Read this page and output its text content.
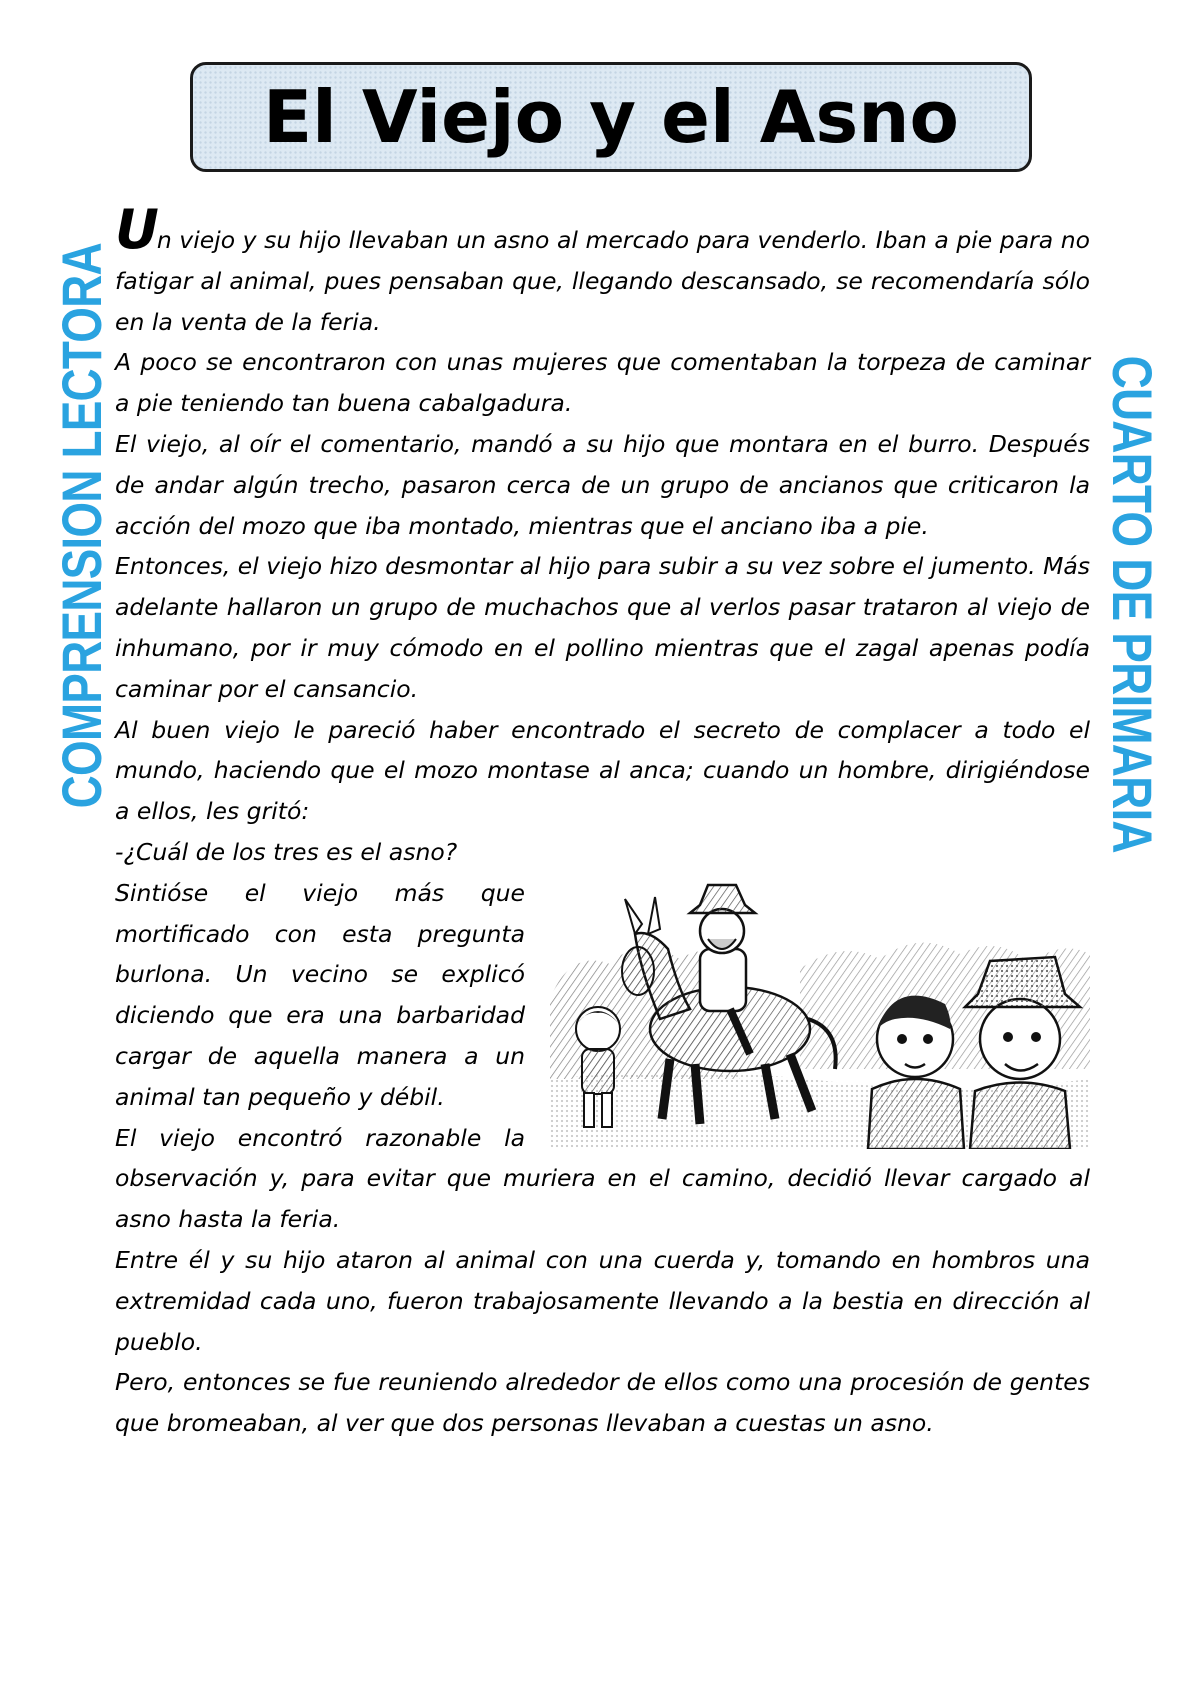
El Viejo y el Asno
COMPRENSION LECTORA	CUARTO DE PRIMARIA

Un viejo y su hijo llevaban un asno al mercado para venderlo. Iban a pie para no fatigar al animal, pues pensaban que, llegando descansado, se recomendaría sólo en la venta de la feria.

A poco se encontraron con unas mujeres que comentaban la torpeza de caminar a pie teniendo tan buena cabalgadura.

El viejo, al oír el comentario, mandó a su hijo que montara en el burro. Después de andar algún trecho, pasaron cerca de un grupo de ancianos que criticaron la acción del mozo que iba montado, mientras que el anciano iba a pie.

Entonces, el viejo hizo desmontar al hijo para subir a su vez sobre el jumento. Más adelante hallaron un grupo de muchachos que al verlos pasar trataron al viejo de inhumano, por ir muy cómodo en el pollino mientras que el zagal apenas podía caminar por el cansancio.

Al buen viejo le pareció haber encontrado el secreto de complacer a todo el mundo, haciendo que el mozo montase al anca; cuando un hombre, dirigiéndose a ellos, les gritó:

-¿Cuál de los tres es el asno?

Sintióse el viejo más que mortificado con esta pregunta burlona. Un vecino se explicó diciendo que era una barbaridad cargar de aquella manera a un animal tan pequeño y débil.

El viejo encontró razonable la observación y, para evitar que muriera en el camino, decidió llevar cargado al asno hasta la feria.

Entre él y su hijo ataron al animal con una cuerda y, tomando en hombros una extremidad cada uno, fueron trabajosamente llevando a la bestia en dirección al pueblo.

Pero, entonces se fue reuniendo alrededor de ellos como una procesión de gentes que bromeaban, al ver que dos personas llevaban a cuestas un asno.
